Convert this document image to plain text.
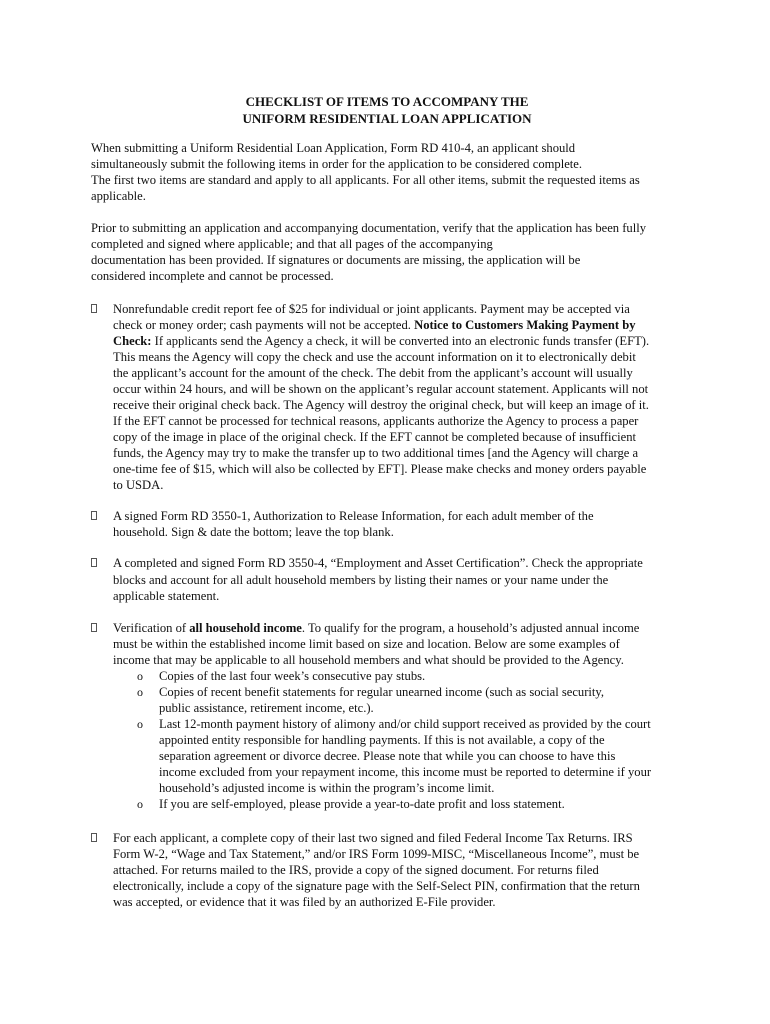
CHECKLIST OF ITEMS TO ACCOMPANY THE
UNIFORM RESIDENTIAL LOAN APPLICATION

When submitting a Uniform Residential Loan Application, Form RD 410-4, an applicant should
simultaneously submit the following items in order for the application to be considered complete.
The first two items are standard and apply to all applicants. For all other items, submit the requested items as
applicable.

Prior to submitting an application and accompanying documentation, verify that the application has been fully
completed and signed where applicable; and that all pages of the accompanying
documentation has been provided. If signatures or documents are missing, the application will be
considered incomplete and cannot be processed.

Nonrefundable credit report fee of $25 for individual or joint applicants. Payment may be accepted via
check or money order; cash payments will not be accepted. Notice to Customers Making Payment by
Check: If applicants send the Agency a check, it will be converted into an electronic funds transfer (EFT).
This means the Agency will copy the check and use the account information on it to electronically debit
the applicant’s account for the amount of the check. The debit from the applicant’s account will usually
occur within 24 hours, and will be shown on the applicant’s regular account statement. Applicants will not
receive their original check back. The Agency will destroy the original check, but will keep an image of it.
If the EFT cannot be processed for technical reasons, applicants authorize the Agency to process a paper
copy of the image in place of the original check. If the EFT cannot be completed because of insufficient
funds, the Agency may try to make the transfer up to two additional times [and the Agency will charge a
one-time fee of $15, which will also be collected by EFT]. Please make checks and money orders payable
to USDA.
A signed Form RD 3550-1, Authorization to Release Information, for each adult member of the
household. Sign & date the bottom; leave the top blank.
A completed and signed Form RD 3550-4, “Employment and Asset Certification”. Check the appropriate
blocks and account for all adult household members by listing their names or your name under the
applicable statement.
Verification of all household income. To qualify for the program, a household’s adjusted annual income
must be within the established income limit based on size and location. Below are some examples of
income that may be applicable to all household members and what should be provided to the Agency.
o Copies of the last four week’s consecutive pay stubs.
o Copies of recent benefit statements for regular unearned income (such as social security,
public assistance, retirement income, etc.).
o Last 12-month payment history of alimony and/or child support received as provided by the court
appointed entity responsible for handling payments. If this is not available, a copy of the
separation agreement or divorce decree. Please note that while you can choose to have this
income excluded from your repayment income, this income must be reported to determine if your
household’s adjusted income is within the program’s income limit.
o If you are self-employed, please provide a year-to-date profit and loss statement.
For each applicant, a complete copy of their last two signed and filed Federal Income Tax Returns. IRS
Form W-2, “Wage and Tax Statement,” and/or IRS Form 1099-MISC, “Miscellaneous Income”, must be
attached. For returns mailed to the IRS, provide a copy of the signed document. For returns filed
electronically, include a copy of the signature page with the Self-Select PIN, confirmation that the return
was accepted, or evidence that it was filed by an authorized E-File provider.
